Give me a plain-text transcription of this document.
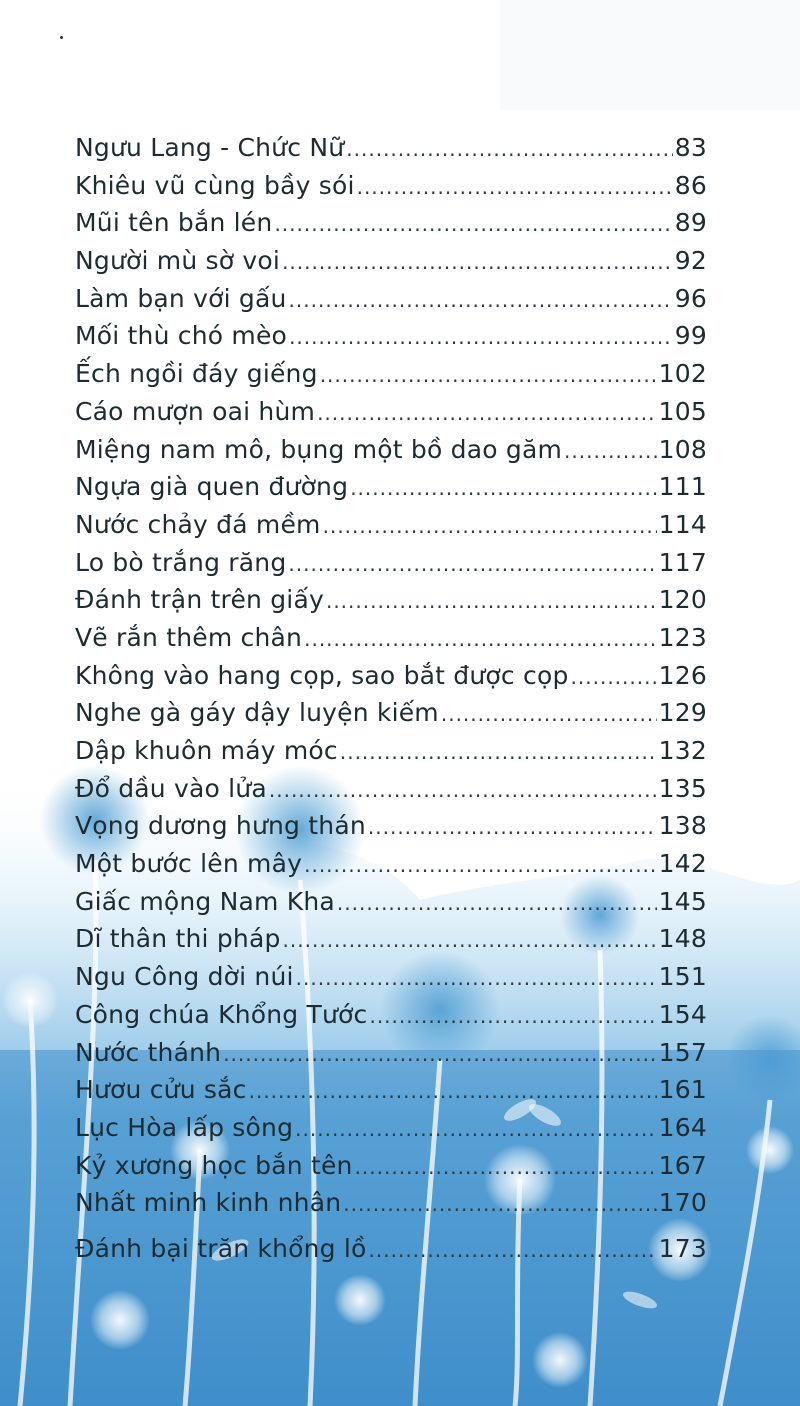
Ngưu Lang - Chức Nữ .....	83
Khiêu vũ cùng bầy sói .....	86
Mũi tên bắn lén .....	89
Người mù sờ voi .....	92
Làm bạn với gấu .....	96
Mối thù chó mèo .....	99
Ếch ngồi đáy giếng .....	102
Cáo mượn oai hùm .....	105
Miệng nam mô, bụng một bồ dao găm .....	108
Ngựa già quen đường .....	111
Nước chảy đá mềm .....	114
Lo bò trắng răng .....	117
Đánh trận trên giấy .....	120
Vẽ rắn thêm chân .....	123
Không vào hang cọp, sao bắt được cọp .....	126
Nghe gà gáy dậy luyện kiếm .....	129
Dập khuôn máy móc .....	132
Đổ dầu vào lửa .....	135
Vọng dương hưng thán .....	138
Một bước lên mây .....	142
Giấc mộng Nam Kha .....	145
Dĩ thân thi pháp .....	148
Ngu Công dời núi .....	151
Công chúa Khổng Tước .....	154
Nước thánh .....	157
Hươu cửu sắc .....	161
Lục Hòa lấp sông .....	164
Kỷ xương học bắn tên .....	167
Nhất minh kinh nhân .....	170
Đánh bại trăn khổng lồ .....	173
